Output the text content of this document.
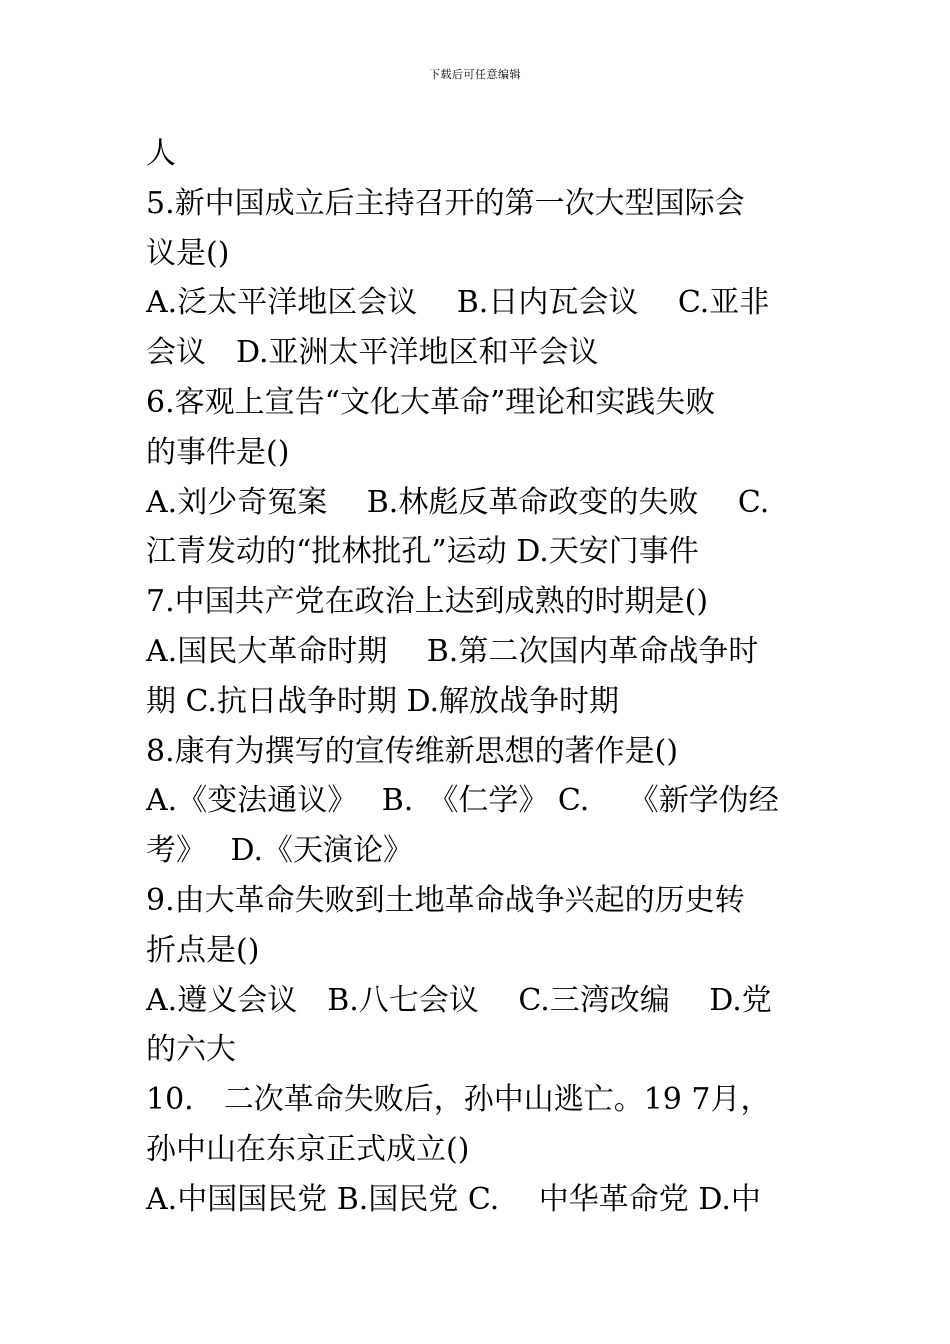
下载后可任意编辑
人
5.新中国成立后主持召开的第一次大型国际会
议是()
A.泛太平洋地区会议　 B.日内瓦会议　 C.亚非
会议　D.亚洲太平洋地区和平会议
6.客观上宣告“文化大革命”理论和实践失败
的事件是()
A.刘少奇冤案　 B.林彪反革命政变的失败　 C.
江青发动的“批林批孔”运动 D.天安门事件
7.中国共产党在政治上达到成熟的时期是()
A.国民大革命时期　 B.第二次国内革命战争时
期 C.抗日战争时期 D.解放战争时期
8.康有为撰写的宣传维新思想的著作是()
A.《变法通议》　 B.　《仁学》 C.　 《新学伪经
考》　 D.《天演论》
9.由大革命失败到土地革命战争兴起的历史转
折点是()
A.遵义会议　B.八七会议　 C.三湾改编　 D.党
的六大
10.　二次革命失败后，孙中山逃亡。19 7月，
孙中山在东京正式成立()
A.中国国民党 B.国民党 C.　 中华革命党 D.中
